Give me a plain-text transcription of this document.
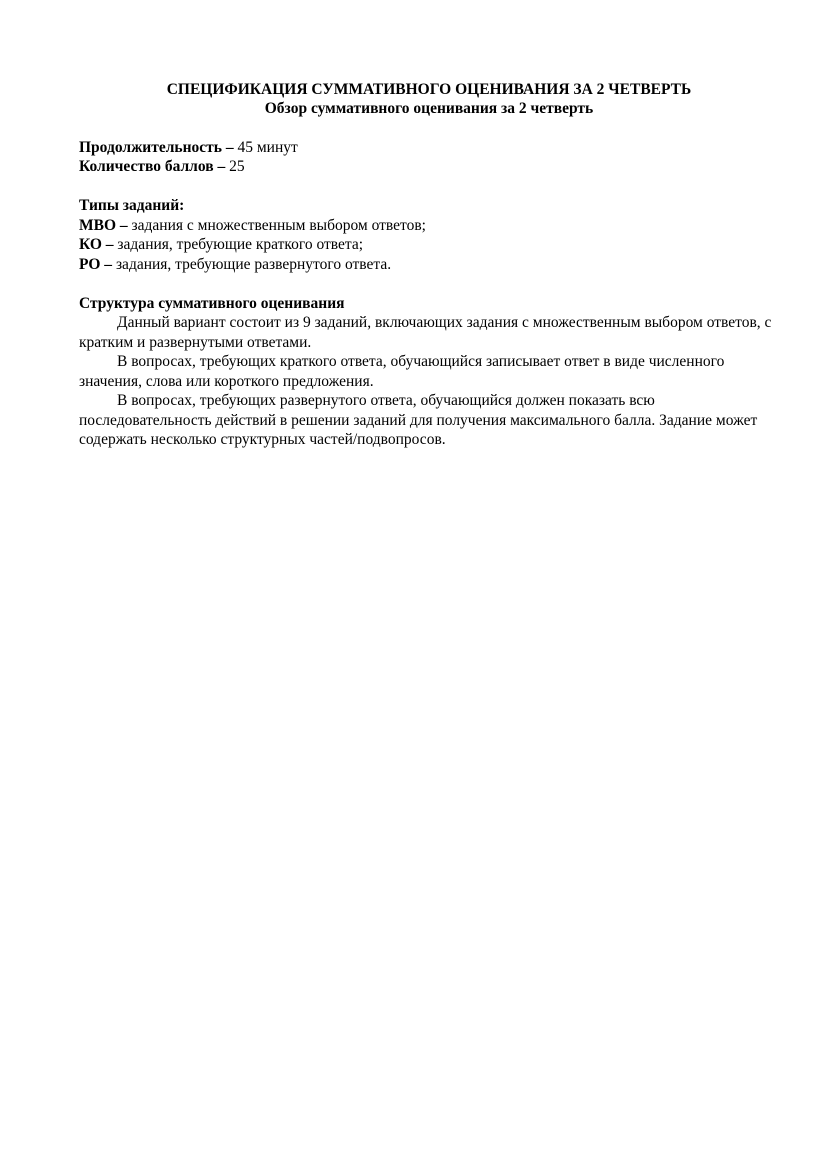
СПЕЦИФИКАЦИЯ СУММАТИВНОГО ОЦЕНИВАНИЯ ЗА 2 ЧЕТВЕРТЬ
Обзор суммативного оценивания за 2 четверть
Продолжительность – 45 минут
Количество баллов – 25
Типы заданий:
МВО – задания с множественным выбором ответов;
КО – задания, требующие краткого ответа;
РО – задания, требующие развернутого ответа.
Структура суммативного оценивания
Данный вариант состоит из 9 заданий, включающих задания с множественным выбором ответов, с кратким и развернутыми ответами.
В вопросах, требующих краткого ответа, обучающийся записывает ответ в виде численного значения, слова или короткого предложения.
В вопросах, требующих развернутого ответа, обучающийся должен показать всю последовательность действий в решении заданий для получения максимального балла. Задание может содержать несколько структурных частей/подвопросов.
